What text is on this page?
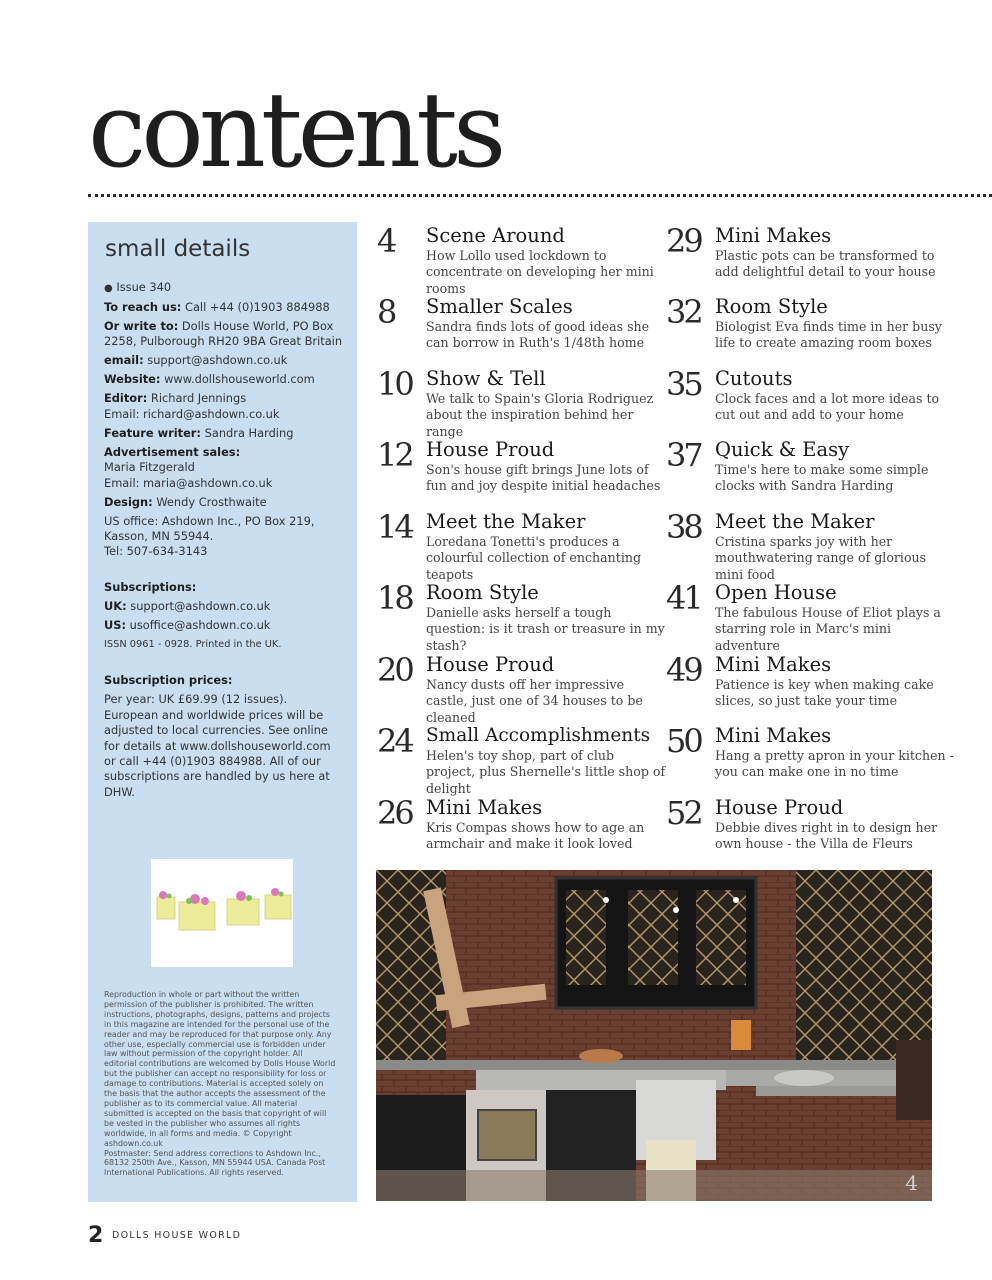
contents
small details

● Issue 340

To reach us: Call +44 (0)1903 884988

Or write to: Dolls House World, PO Box 2258, Pulborough RH20 9BA Great Britain

email: support@ashdown.co.uk

Website: www.dollshouseworld.com

Editor: Richard Jennings
Email: richard@ashdown.co.uk

Feature writer: Sandra Harding

Advertisement sales:
Maria Fitzgerald
Email: maria@ashdown.co.uk

Design: Wendy Crosthwaite

US office: Ashdown Inc., PO Box 219, Kasson, MN 55944.
Tel: 507-634-3143

Subscriptions:

UK: support@ashdown.co.uk

US: usoffice@ashdown.co.uk

ISSN 0961 - 0928. Printed in the UK.

Subscription prices:

Per year: UK £69.99 (12 issues). European and worldwide prices will be adjusted to local currencies. See online for details at www.dollshouseworld.com or call +44 (0)1903 884988. All of our subscriptions are handled by us here at DHW.

Reproduction in whole or part without the written permission of the publisher is prohibited. The written instructions, photographs, designs, patterns and projects in this magazine are intended for the personal use of the reader and may be reproduced for that purpose only. Any other use, especially commercial use is forbidden under law without permission of the copyright holder. All editorial contributions are welcomed by Dolls House World but the publisher can accept no responsibility for loss or damage to contributions. Material is accepted solely on the basis that the author accepts the assessment of the publisher as to its commercial value. All material submitted is accepted on the basis that copyright of will be vested in the publisher who assumes all rights worldwide, in all forms and media. © Copyright ashdown.co.uk
Postmaster: Send address corrections to Ashdown Inc., 68132 250th Ave., Kasson, MN 55944 USA. Canada Post International Publications. All rights reserved.
4	Scene Around
How Lollo used lockdown to concentrate on developing her mini rooms
8	Smaller Scales
Sandra finds lots of good ideas she can borrow in Ruth's 1/48th home
10 Show & Tell
We talk to Spain's Gloria Rodriguez about the inspiration behind her range
12 House Proud
Son's house gift brings June lots of fun and joy despite initial headaches
14 Meet the Maker
Loredana Tonetti's produces a colourful collection of enchanting teapots
18 Room Style
Danielle asks herself a tough question: is it trash or treasure in my stash?
20 House Proud
Nancy dusts off her impressive castle, just one of 34 houses to be cleaned
24 Small Accomplishments
Helen's toy shop, part of club project, plus Shernelle's little shop of delight
26 Mini Makes
Kris Compas shows how to age an armchair and make it look loved
29 Mini Makes
Plastic pots can be transformed to add delightful detail to your house
32 Room Style
Biologist Eva finds time in her busy life to create amazing room boxes
35 Cutouts
Clock faces and a lot more ideas to cut out and add to your home
37 Quick & Easy
Time's here to make some simple clocks with Sandra Harding
38 Meet the Maker
Cristina sparks joy with her mouthwatering range of glorious mini food
41 Open House
The fabulous House of Eliot plays a starring role in Marc's mini adventure
49 Mini Makes
Patience is key when making cake slices, so just take your time
50 Mini Makes
Hang a pretty apron in your kitchen - you can make one in no time
52 House Proud
Debbie dives right in to design her own house - the Villa de Fleurs
4
2 DOLLS HOUSE WORLD
